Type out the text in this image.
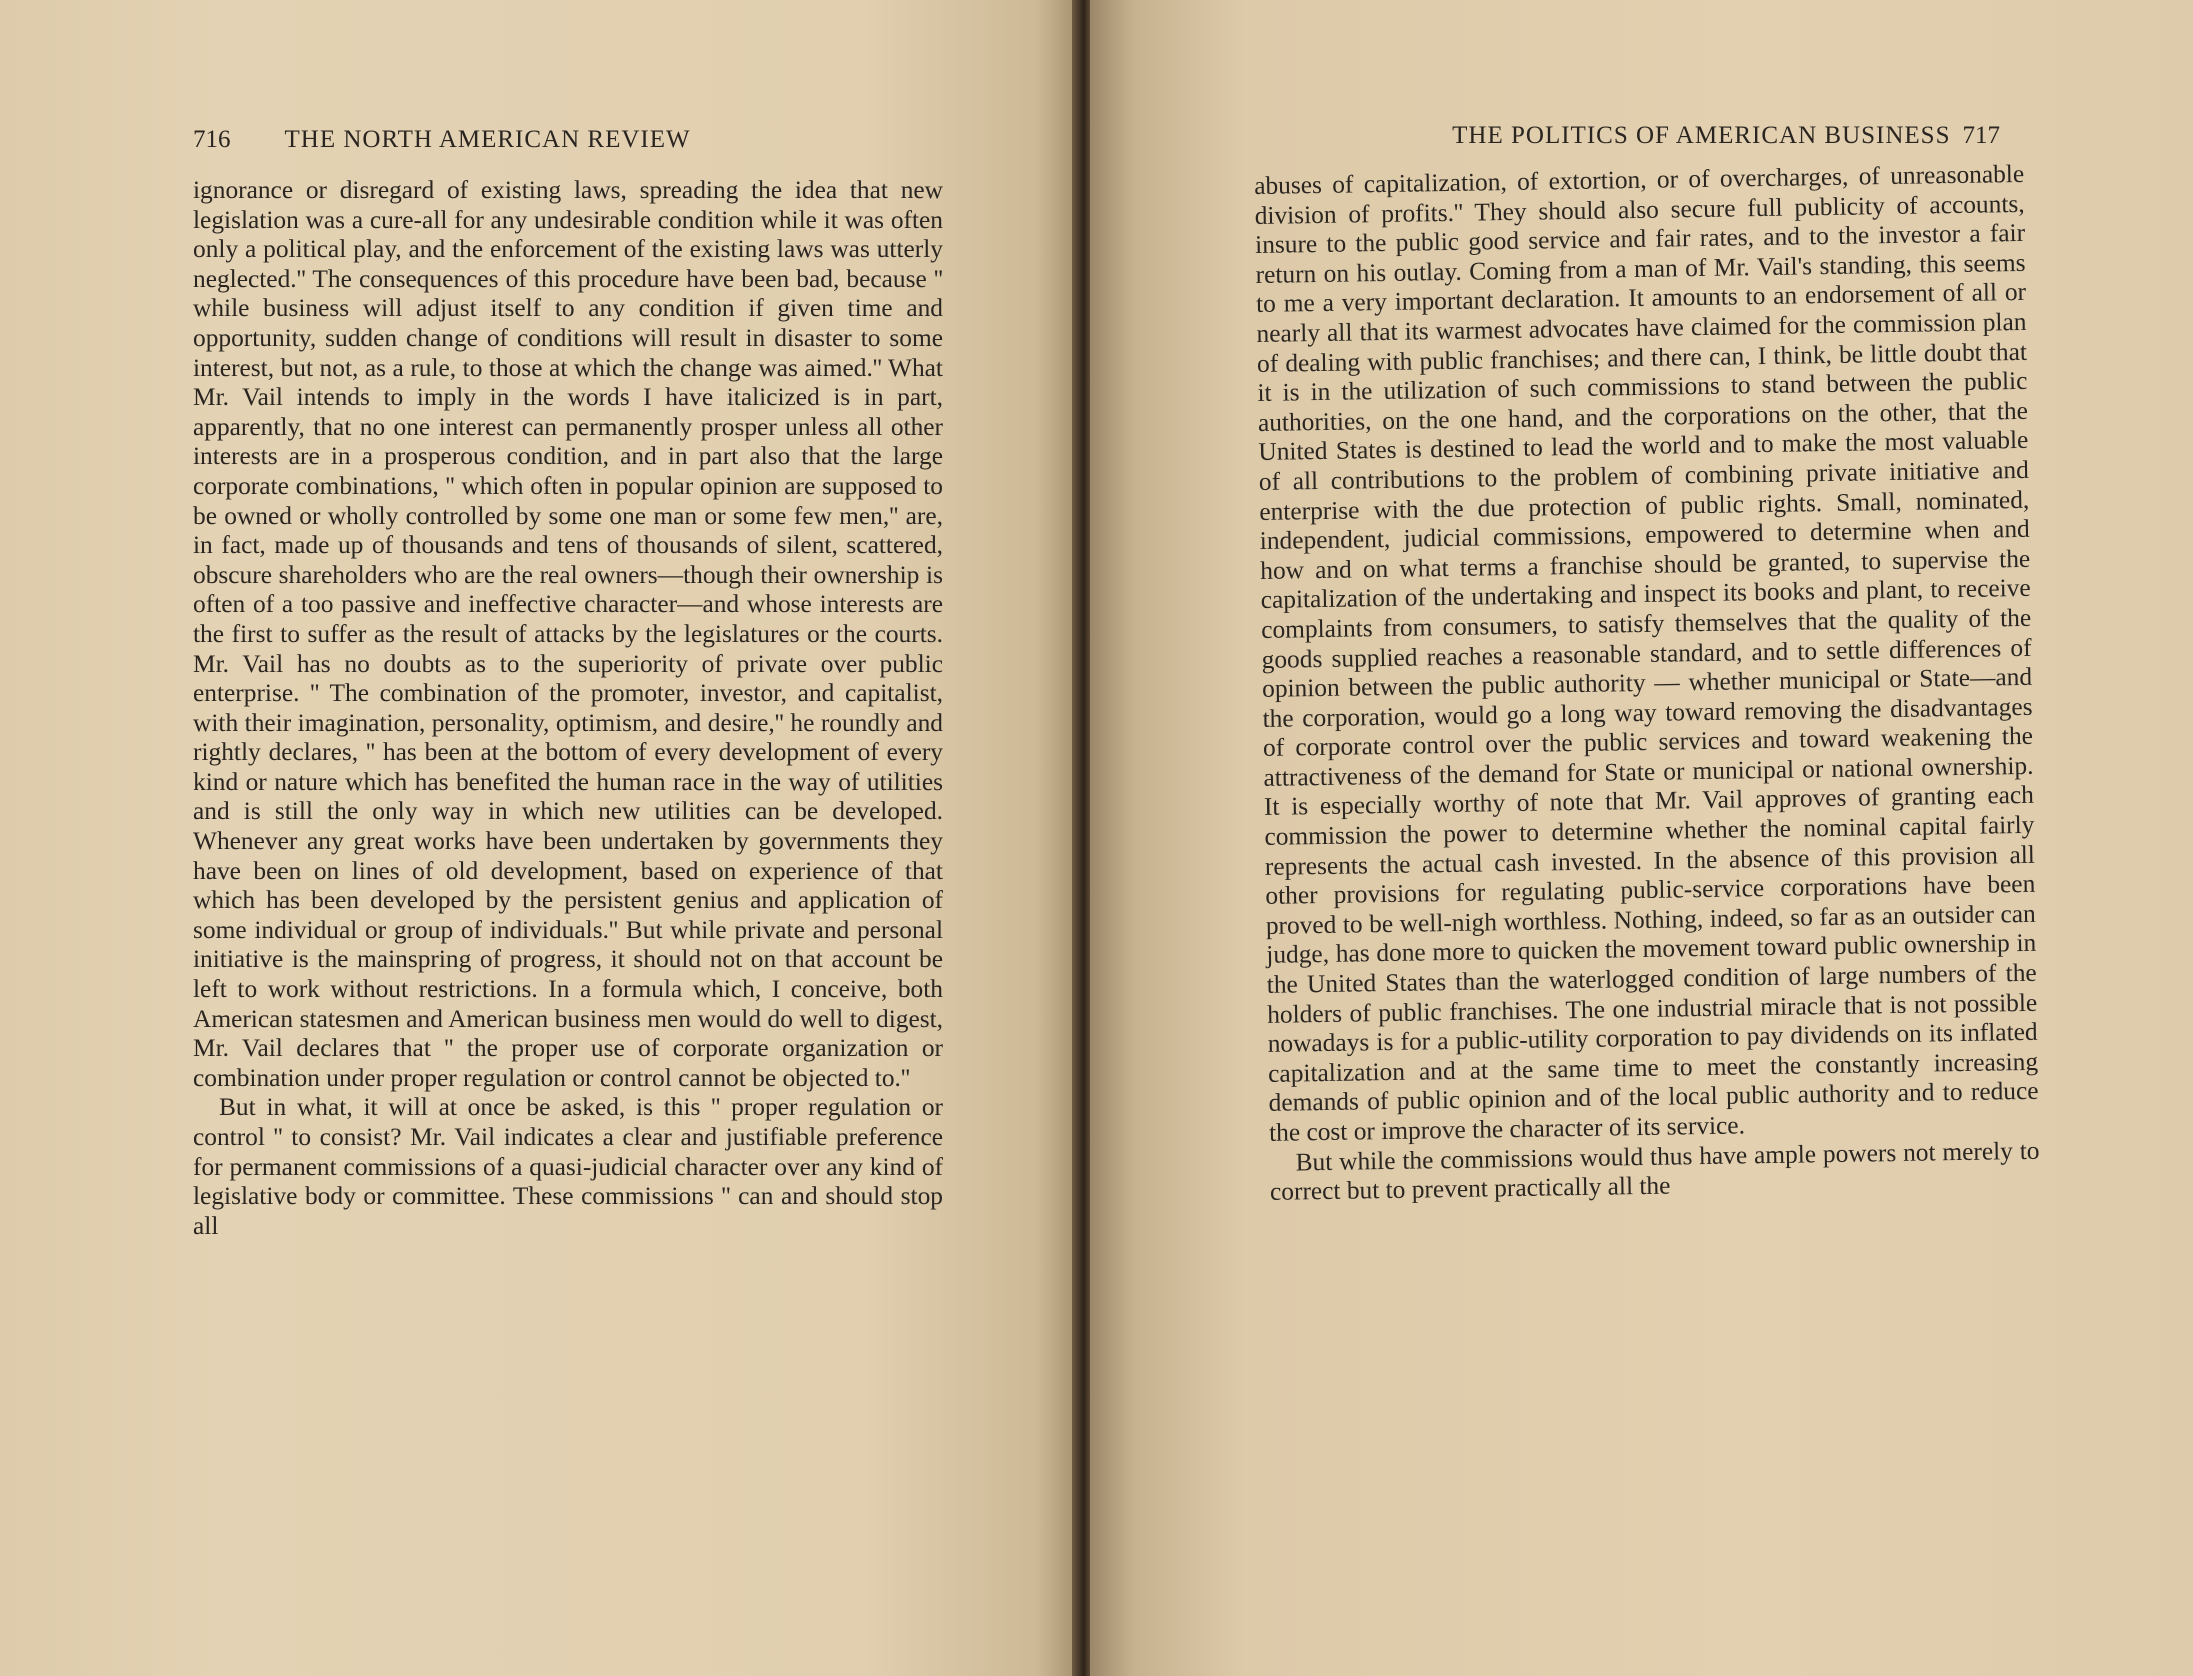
716 THE NORTH AMERICAN REVIEW

ignorance or disregard of existing laws, spreading the idea that new legislation was a cure-all for any undesirable condition while it was often only a political play, and the enforcement of the existing laws was utterly neglected.'' The consequences of this procedure have been bad, because '' while business will adjust itself to any condition if given time and opportunity, sudden change of conditions will result in disaster to some interest, but not, as a rule, to those at which the change was aimed.'' What Mr. Vail intends to imply in the words I have italicized is in part, apparently, that no one interest can permanently prosper unless all other interests are in a prosperous condition, and in part also that the large corporate combinations, '' which often in popular opinion are supposed to be owned or wholly controlled by some one man or some few men,'' are, in fact, made up of thousands and tens of thousands of silent, scattered, obscure shareholders who are the real owners—though their ownership is often of a too passive and ineffective character—and whose interests are the first to suffer as the result of attacks by the legislatures or the courts. Mr. Vail has no doubts as to the superiority of private over public enterprise. '' The combination of the promoter, investor, and capitalist, with their imagination, personality, optimism, and desire,'' he roundly and rightly declares, '' has been at the bottom of every development of every kind or nature which has benefited the human race in the way of utilities and is still the only way in which new utilities can be developed. Whenever any great works have been undertaken by governments they have been on lines of old development, based on experience of that which has been developed by the persistent genius and application of some individual or group of individuals.'' But while private and personal initiative is the mainspring of progress, it should not on that account be left to work without restrictions. In a formula which, I conceive, both American statesmen and American business men would do well to digest, Mr. Vail declares that '' the proper use of corporate organization or combination under proper regulation or control cannot be objected to.''

But in what, it will at once be asked, is this '' proper regulation or control '' to consist? Mr. Vail indicates a clear and justifiable preference for permanent commissions of a quasi-judicial character over any kind of legislative body or committee. These commissions '' can and should stop all

THE POLITICS OF AMERICAN BUSINESS 717

abuses of capitalization, of extortion, or of overcharges, of unreasonable division of profits.'' They should also secure full publicity of accounts, insure to the public good service and fair rates, and to the investor a fair return on his outlay. Coming from a man of Mr. Vail's standing, this seems to me a very important declaration. It amounts to an endorsement of all or nearly all that its warmest advocates have claimed for the commission plan of dealing with public franchises; and there can, I think, be little doubt that it is in the utilization of such commissions to stand between the public authorities, on the one hand, and the corporations on the other, that the United States is destined to lead the world and to make the most valuable of all contributions to the problem of combining private initiative and enterprise with the due protection of public rights. Small, nominated, independent, judicial commissions, empowered to determine when and how and on what terms a franchise should be granted, to supervise the capitalization of the undertaking and inspect its books and plant, to receive complaints from consumers, to satisfy themselves that the quality of the goods supplied reaches a reasonable standard, and to settle differences of opinion between the public authority — whether municipal or State—and the corporation, would go a long way toward removing the disadvantages of corporate control over the public services and toward weakening the attractiveness of the demand for State or municipal or national ownership. It is especially worthy of note that Mr. Vail approves of granting each commission the power to determine whether the nominal capital fairly represents the actual cash invested. In the absence of this provision all other provisions for regulating public-service corporations have been proved to be well-nigh worthless. Nothing, indeed, so far as an outsider can judge, has done more to quicken the movement toward public ownership in the United States than the waterlogged condition of large numbers of the holders of public franchises. The one industrial miracle that is not possible nowadays is for a public-utility corporation to pay dividends on its inflated capitalization and at the same time to meet the constantly increasing demands of public opinion and of the local public authority and to reduce the cost or improve the character of its service.

But while the commissions would thus have ample powers not merely to correct but to prevent practically all the
